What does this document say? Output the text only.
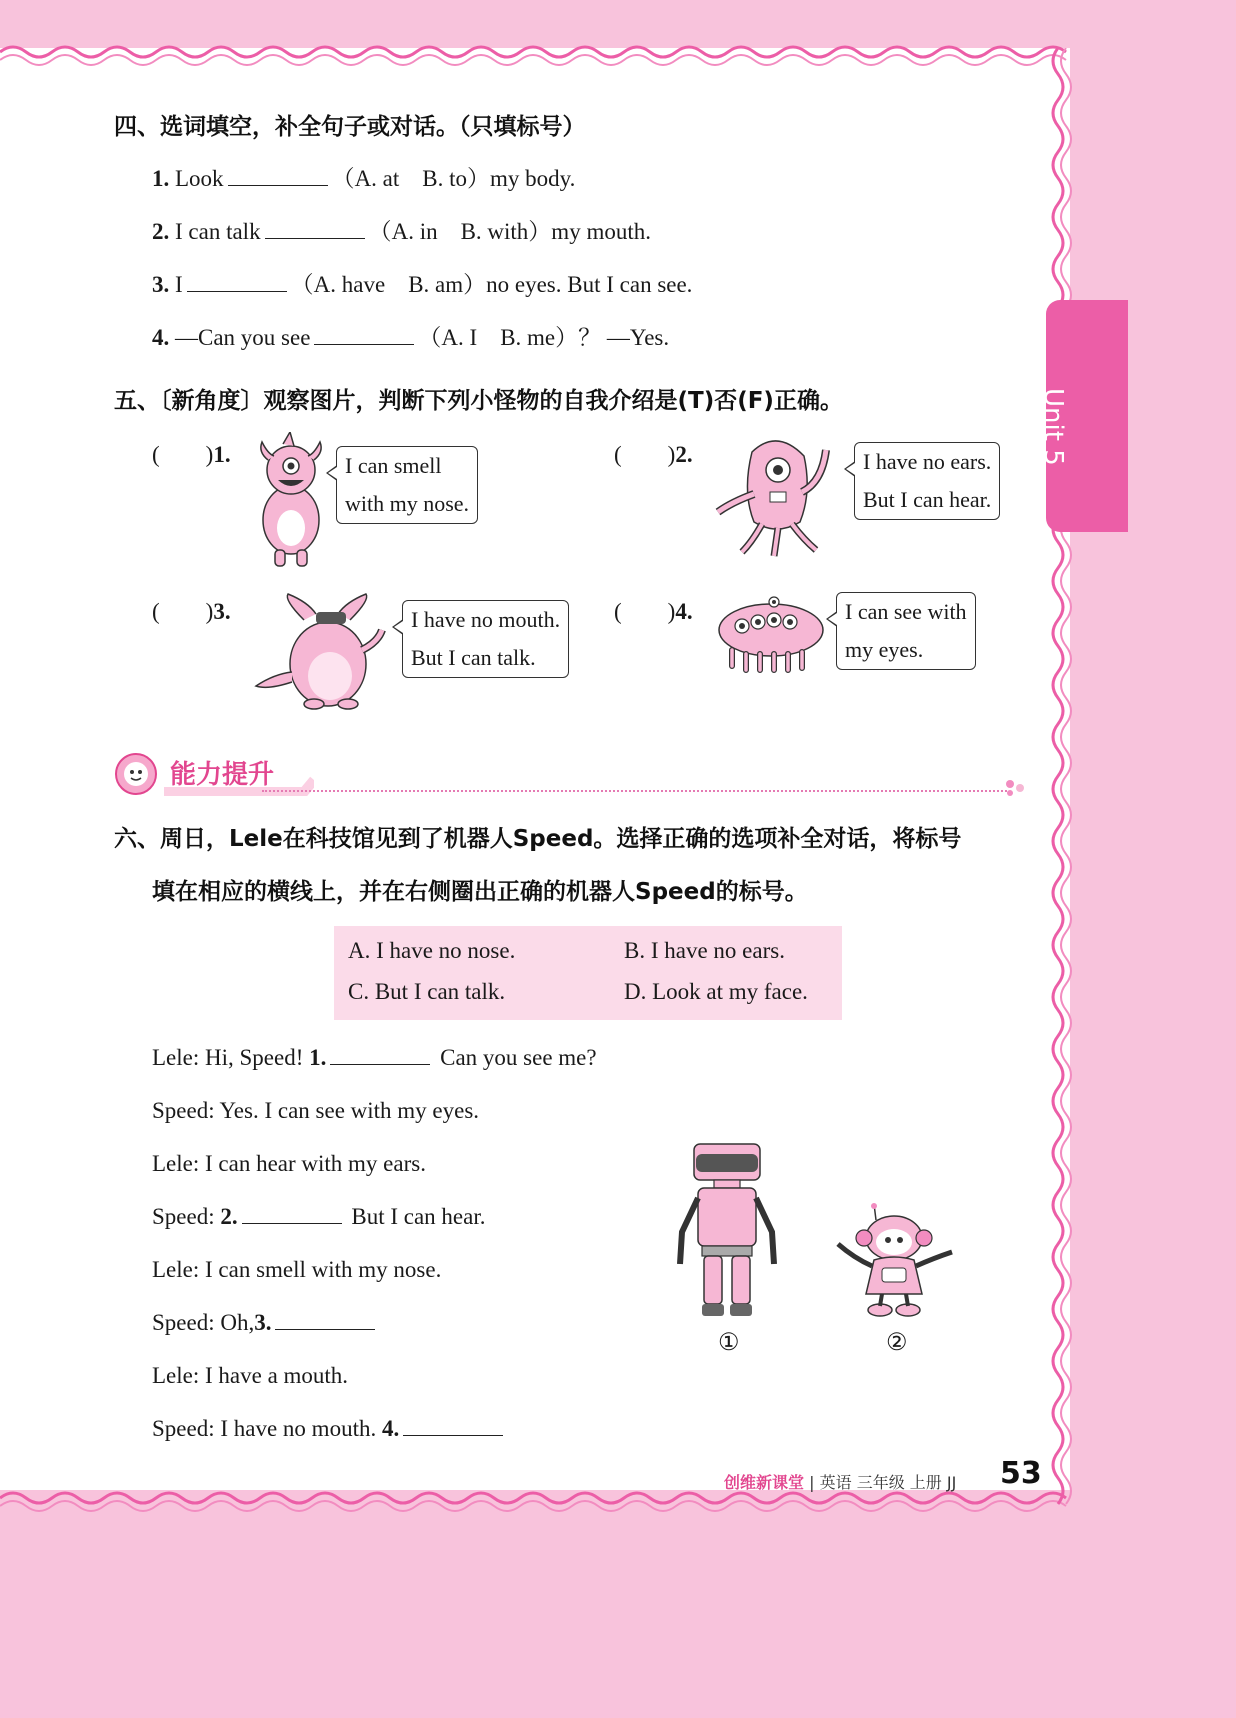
Unit 5
四、选词填空，补全句子或对话。（只填标号）
1. Look	（A. at　B. to）my body.
2. I can talk	（A. in　B. with）my mouth.
3. I	（A. have　B. am）no eyes. But I can see.
4. —Can you see	（A. I　B. me）？ —Yes.
五、〔新角度〕观察图片，判断下列小怪物的自我介绍是(T)否(F)正确。
(　　)1.	I can smell
with my nose.
(　　)2.	I have no ears.
But I can hear.
(　　)3.	I have no mouth.
But I can talk.
(　　)4.	I can see with
my eyes.
能力提升
六、周日，Lele在科技馆见到了机器人Speed。选择正确的选项补全对话，将标号
填在相应的横线上，并在右侧圈出正确的机器人Speed的标号。
A. I have no nose.	B. I have no ears.
C. But I can talk.	D. Look at my face.
Lele: Hi, Speed! 1.	Can you see me?
Speed: Yes. I can see with my eyes.
Lele: I can hear with my ears.
Speed: 2.	But I can hear.
Lele: I can smell with my nose.
Speed: Oh,3.
Lele: I have a mouth.
Speed: I have no mouth. 4.
①	②
创维新课堂 | 英语 三年级 上册 JJ 53
